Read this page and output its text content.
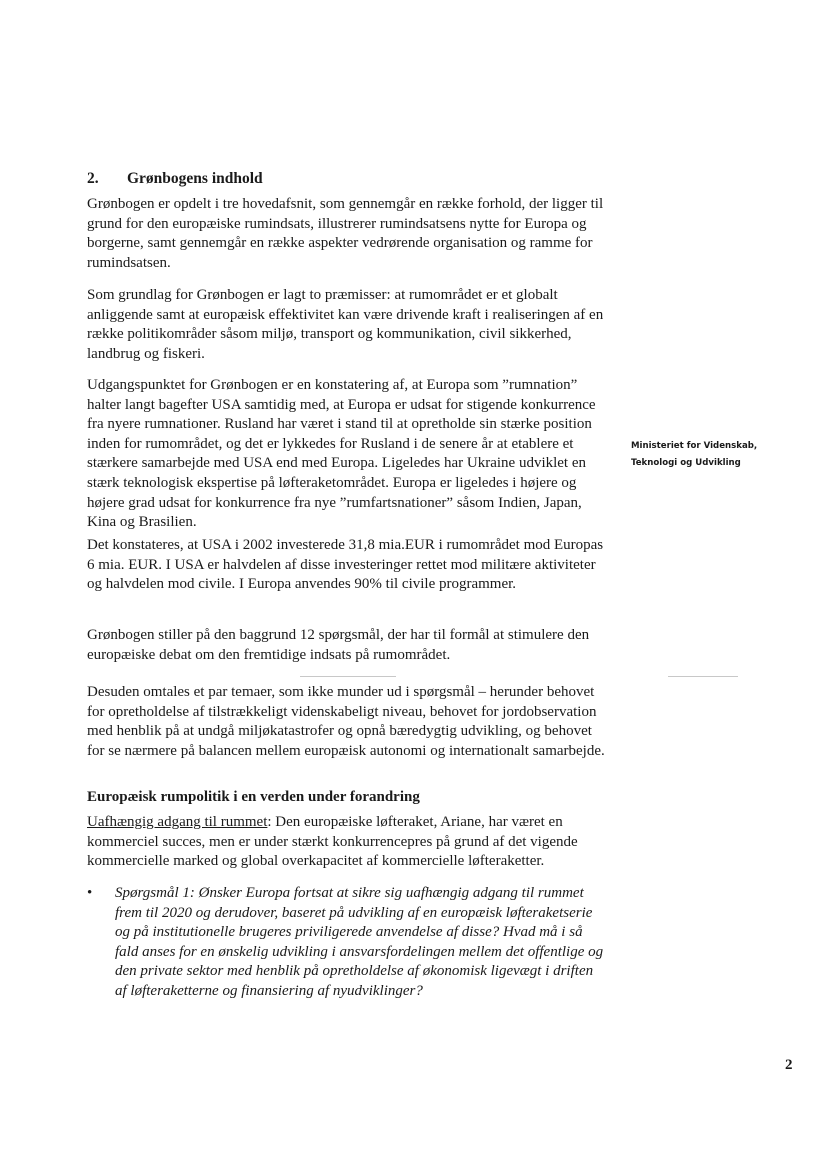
2. Grønbogens indhold

Grønbogen er opdelt i tre hovedafsnit, som gennemgår en række forhold, der ligger til grund for den europæiske rumindsats, illustrerer rumindsatsens nytte for Europa og borgerne, samt gennemgår en række aspekter vedrørende organisation og ramme for rumindsatsen.

Som grundlag for Grønbogen er lagt to præmisser: at rumområdet er et globalt anliggende samt at europæisk effektivitet kan være drivende kraft i realiseringen af en række politikområder såsom miljø, transport og kommunikation, civil sikkerhed, landbrug og fiskeri.

Udgangspunktet for Grønbogen er en konstatering af, at Europa som ”rumnation” halter langt bagefter USA samtidig med, at Europa er udsat for stigende konkurrence fra nyere rumnationer. Rusland har været i stand til at opretholde sin stærke position inden for rumområdet, og det er lykkedes for Rusland i de senere år at etablere et stærkere samarbejde med USA end med Europa. Ligeledes har Ukraine udviklet en stærk teknologisk ekspertise på løfteraketområdet. Europa er ligeledes i højere og højere grad udsat for konkurrence fra nye ”rumfartsnationer” såsom Indien, Japan, Kina og Brasilien.

Det konstateres, at USA i 2002 investerede 31,8 mia.EUR i rumområdet mod Europas 6 mia. EUR. I USA er halvdelen af disse investeringer rettet mod militære aktiviteter og halvdelen mod civile. I Europa anvendes 90% til civile programmer.

Grønbogen stiller på den baggrund 12 spørgsmål, der har til formål at stimulere den europæiske debat om den fremtidige indsats på rumområdet.

Desuden omtales et par temaer, som ikke munder ud i spørgsmål – herunder behovet for opretholdelse af tilstrækkeligt videnskabeligt niveau, behovet for jordobservation med henblik på at undgå miljøkatastrofer og opnå bæredygtig udvikling, og behovet for se nærmere på balancen mellem europæisk autonomi og internationalt samarbejde.

Europæisk rumpolitik i en verden under forandring

Uafhængig adgang til rummet: Den europæiske løfteraket, Ariane, har været en kommerciel succes, men er under stærkt konkurrencepres på grund af det vigende kommercielle marked og global overkapacitet af kommercielle løfteraketter.

• Spørgsmål 1: Ønsker Europa fortsat at sikre sig uafhængig adgang til rummet frem til 2020 og derudover, baseret på udvikling af en europæisk løfteraketserie og på institutionelle brugeres priviligerede anvendelse af disse? Hvad må i så fald anses for en ønskelig udvikling i ansvarsfordelingen mellem det offentlige og den private sektor med henblik på opretholdelse af økonomisk ligevægt i driften af løfteraketterne og finansiering af nyudviklinger?

Ministeriet for Videnskab,
Teknologi og Udvikling

2
